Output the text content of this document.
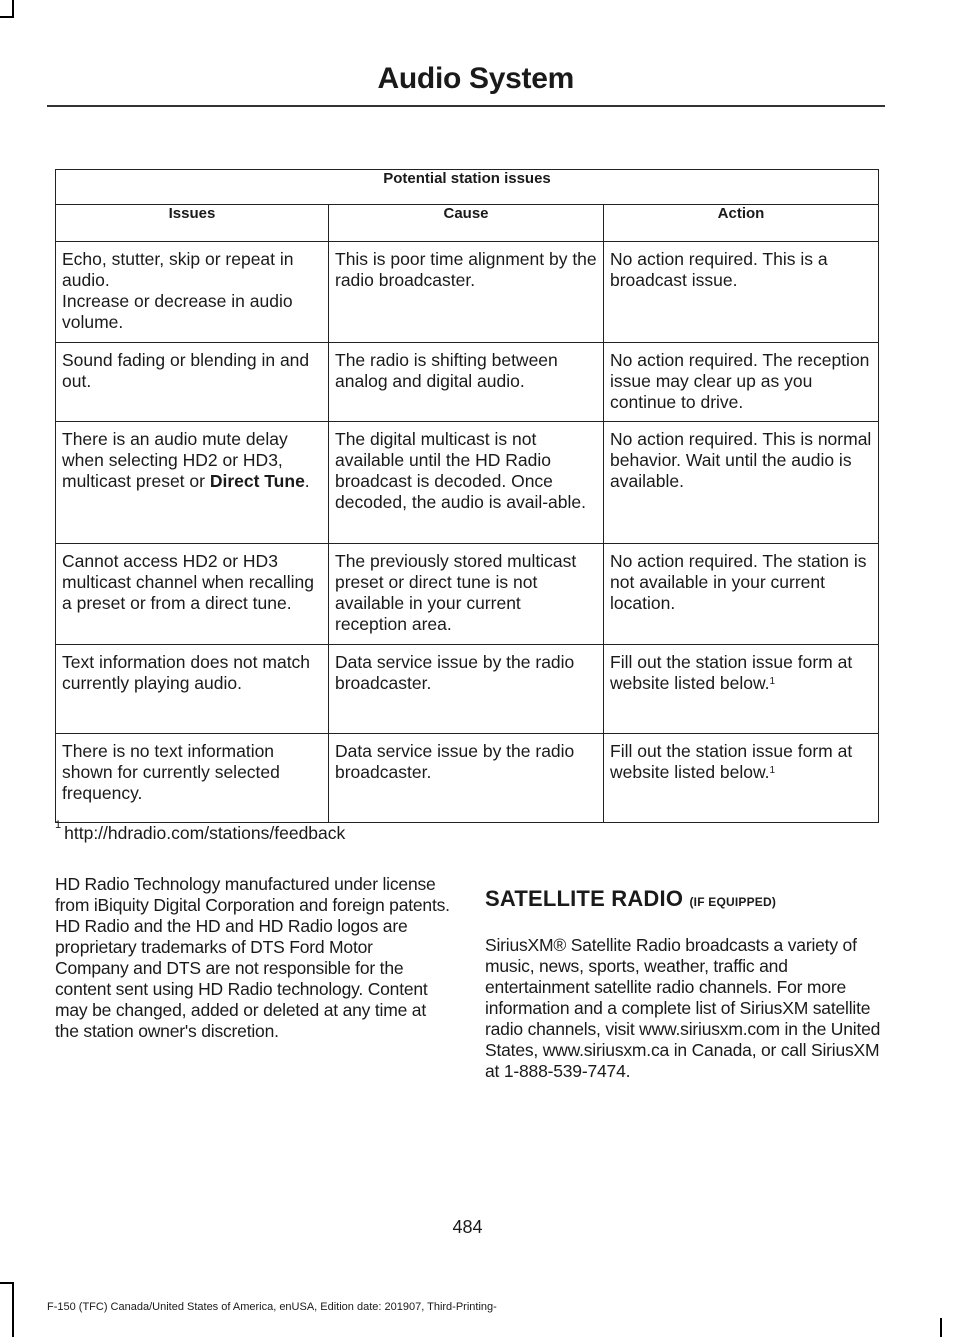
Audio System
Potential station issues		
Issues	Cause	Action

Echo, stutter, skip or repeat in audio.
Increase or decrease in audio volume.	This is poor time alignment by the radio broadcaster.	No action required. This is a broadcast issue.
Sound fading or blending in and out.	The radio is shifting between analog and digital audio.	No action required. The reception issue may clear up as you continue to drive.
There is an audio mute delay when selecting HD2 or HD3, multicast preset or Direct Tune.	The digital multicast is not available until the HD Radio broadcast is decoded. Once decoded, the audio is avail-able.	No action required. This is normal behavior. Wait until the audio is available.
Cannot access HD2 or HD3 multicast channel when recalling a preset or from a direct tune.	The previously stored multicast preset or direct tune is not available in your current reception area.	No action required. The station is not available in your current location.
Text information does not match currently playing audio.	Data service issue by the radio broadcaster.	Fill out the station issue form at website listed below.$^1$
There is no text information shown for currently selected frequency.	Data service issue by the radio broadcaster.	Fill out the station issue form at website listed below.$^1$
$^1$ http://hdradio.com/stations/feedback
HD Radio Technology manufactured under license from iBiquity Digital Corporation and foreign patents. HD Radio and the HD and HD Radio logos are proprietary trademarks of DTS Ford Motor Company and DTS are not responsible for the content sent using HD Radio technology. Content may be changed, added or deleted at any time at the station owner's discretion.
SATELLITE RADIO (IF EQUIPPED)
SiriusXM® Satellite Radio broadcasts a variety of music, news, sports, weather, traffic and entertainment satellite radio channels. For more information and a complete list of SiriusXM satellite radio channels, visit www.siriusxm.com in the United States, www.siriusxm.ca in Canada, or call SiriusXM at 1-888-539-7474.
484
F-150 (TFC) Canada/United States of America, enUSA, Edition date: 201907, Third-Printing-
